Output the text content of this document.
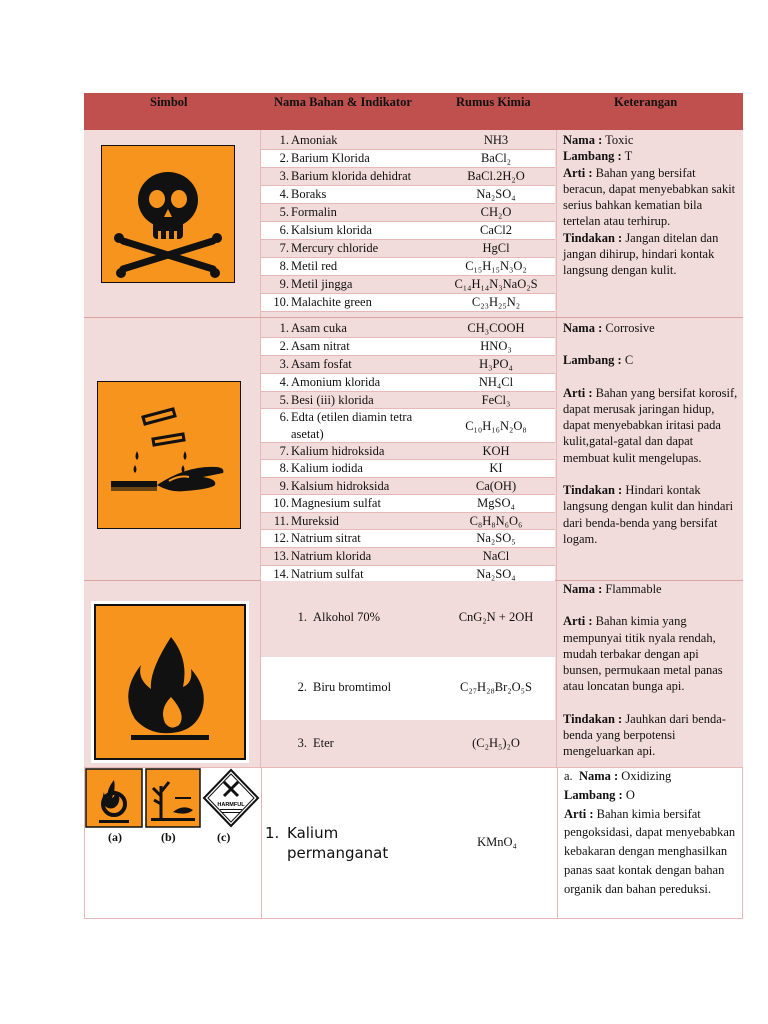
Simbol	Nama Bahan & Indikator	Rumus Kimia	Keterangan
Nama : Toxic
Lambang : T
Arti : Bahan yang bersifat beracun, dapat menyebabkan sakit serius bahkan kematian bila tertelan atau terhirup.
Tindakan : Jangan ditelan dan jangan dihirup, hindari kontak langsung dengan kulit.
1. Amoniak	NH3
2. Barium Klorida	BaCl₂
3. Barium klorida dehidrat	BaCl.2H₂O
4. Boraks	Na₂SO₄
5. Formalin	CH₂O
6. Kalsium klorida	CaCl2
7. Mercury chloride	HgCl
8. Metil red	C₁₅H₁₅N₃O₂
9. Metil jingga	C₁₄H₁₄N₃NaO₂S
10. Malachite green	C₂₃H₂₅N₂
Nama : Corrosive
Lambang : C
Arti : Bahan yang bersifat korosif, dapat merusak jaringan hidup, dapat menyebabkan iritasi pada kulit,gatal-gatal dan dapat membuat kulit mengelupas.
Tindakan : Hindari kontak langsung dengan kulit dan hindari dari benda-benda yang bersifat logam.
1. Asam cuka	CH₃COOH
2. Asam nitrat	HNO₃
3. Asam fosfat	H₃PO₄
4. Amonium klorida	NH₄Cl
5. Besi (iii) klorida	FeCl₃
6. Edta (etilen diamin tetra
asetat)
C₁₀H₁₆N₂O₈
7. Kalium hidroksida	KOH
8. Kalium iodida	KI
9. Kalsium hidroksida	Ca(OH)
10. Magnesium sulfat	MgSO₄
11. Mureksid	C₈H₈N₆O₆
12. Natrium sitrat	Na₂SO₅
13. Natrium klorida	NaCl
14. Natrium sulfat	Na₂SO₄
1. Alkohol 70%	CnG₂N + 2OH
2. Biru bromtimol	C₂₇H₂₈Br₂O₅S
3. Eter	(C₂H₅)₂O
Nama : Flammable
Arti : Bahan kimia yang mempunyai titik nyala rendah, mudah terbakar dengan api bunsen, permukaan metal panas atau loncatan bunga api.
Tindakan : Jauhkan dari benda-benda yang berpotensi mengeluarkan api.
HARMFUL
(a)	(b)	(c) 1. Kalium
permanganat
KMnO₄
a. Nama : Oxidizing
Lambang : O
Arti : Bahan kimia bersifat pengoksidasi, dapat menyebabkan kebakaran dengan menghasilkan panas saat kontak dengan bahan organik dan bahan pereduksi.
